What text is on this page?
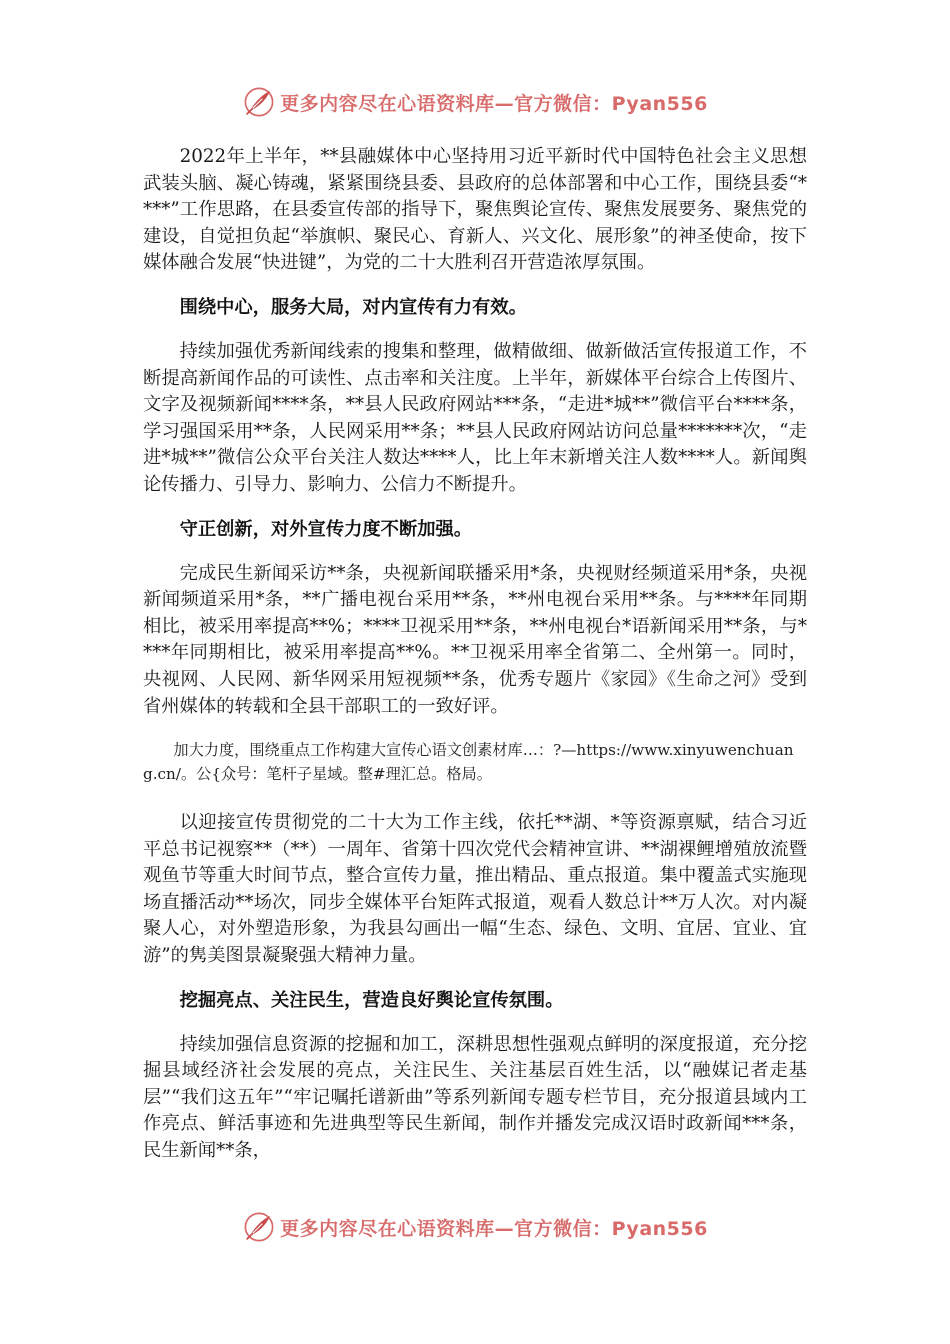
更多内容尽在心语资料库—官方微信：Pyan556

2022年上半年，**县融媒体中心坚持用习近平新时代中国特色社会主义思想武装头脑、凝心铸魂，紧紧围绕县委、县政府的总体部署和中心工作，围绕县委“****”工作思路，在县委宣传部的指导下，聚焦舆论宣传、聚焦发展要务、聚焦党的建设，自觉担负起“举旗帜、聚民心、育新人、兴文化、展形象”的神圣使命，按下媒体融合发展“快进键”，为党的二十大胜利召开营造浓厚氛围。

围绕中心，服务大局，对内宣传有力有效。

持续加强优秀新闻线索的搜集和整理，做精做细、做新做活宣传报道工作，不断提高新闻作品的可读性、点击率和关注度。上半年，新媒体平台综合上传图片、文字及视频新闻****条，**县人民政府网站***条，“走进*城**”微信平台****条，学习强国采用**条，人民网采用**条；**县人民政府网站访问总量*******次，“走进*城**”微信公众平台关注人数达****人，比上年末新增关注人数****人。新闻舆论传播力、引导力、影响力、公信力不断提升。

守正创新，对外宣传力度不断加强。

完成民生新闻采访**条，央视新闻联播采用*条，央视财经频道采用*条，央视新闻频道采用*条，**广播电视台采用**条，**州电视台采用**条。与****年同期相比，被采用率提高**%；****卫视采用**条，**州电视台*语新闻采用**条，与****年同期相比，被采用率提高**%。**卫视采用率全省第二、全州第一。同时，央视网、人民网、新华网采用短视频**条，优秀专题片《家园》《生命之河》受到省州媒体的转载和全县干部职工的一致好评。

加大力度，围绕重点工作构建大宣传心语文创素材库…：?—https://www.xinyuwenchuang.cn/。公{众号：笔杆子星域。整#理汇总。格局。

以迎接宣传贯彻党的二十大为工作主线，依托**湖、*等资源禀赋，结合习近平总书记视察**（**）一周年、省第十四次党代会精神宣讲、**湖裸鲤增殖放流暨观鱼节等重大时间节点，整合宣传力量，推出精品、重点报道。集中覆盖式实施现场直播活动**场次，同步全媒体平台矩阵式报道，观看人数总计**万人次。对内凝聚人心，对外塑造形象，为我县勾画出一幅“生态、绿色、文明、宜居、宜业、宜游”的隽美图景凝聚强大精神力量。

挖掘亮点、关注民生，营造良好舆论宣传氛围。

持续加强信息资源的挖掘和加工，深耕思想性强观点鲜明的深度报道，充分挖掘县域经济社会发展的亮点，关注民生、关注基层百姓生活，以“融媒记者走基层”“我们这五年”“牢记嘱托谱新曲”等系列新闻专题专栏节目，充分报道县域内工作亮点、鲜活事迹和先进典型等民生新闻，制作并播发完成汉语时政新闻***条，民生新闻**条，

更多内容尽在心语资料库—官方微信：Pyan556
